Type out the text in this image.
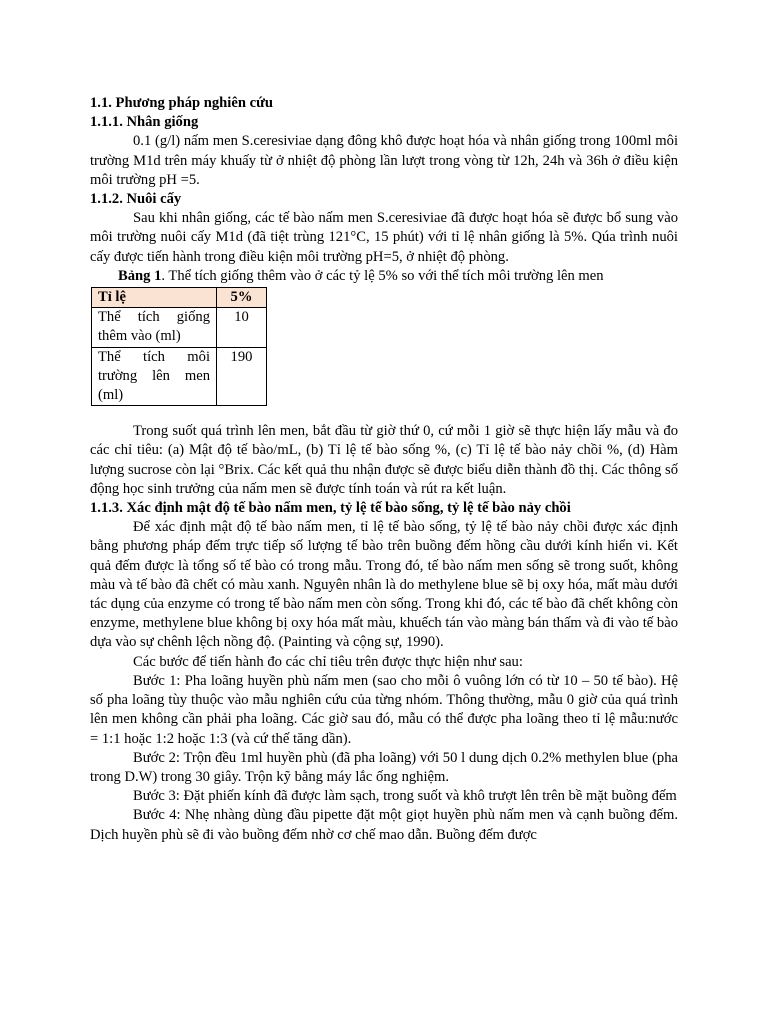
1.1. Phương pháp nghiên cứu

1.1.1. Nhân giống

0.1 (g/l) nấm men S.ceresiviae dạng đông khô được hoạt hóa và nhân giống trong 100ml môi trường M1d trên máy khuấy từ ở nhiệt độ phòng lần lượt trong vòng từ 12h, 24h và 36h ở điều kiện môi trường pH =5.

1.1.2. Nuôi cấy

Sau khi nhân giống, các tế bào nấm men S.ceresiviae đã được hoạt hóa sẽ được bổ sung vào môi trường nuôi cấy M1d (đã tiệt trùng 121°C, 15 phút) với tỉ lệ nhân giống là 5%. Qúa trình nuôi cấy được tiến hành trong điều kiện môi trường pH=5, ở nhiệt độ phòng.

Bảng 1. Thể tích giống thêm vào ở các tỷ lệ 5% so với thể tích môi trường lên men

Tỉ lệ	5%
Thể tích giống thêm vào (ml)	10
Thể tích môi trường lên men (ml)	190

Trong suốt quá trình lên men, bắt đầu từ giờ thứ 0, cứ mỗi 1 giờ sẽ thực hiện lấy mẫu và đo các chỉ tiêu: (a) Mật độ tế bào/mL, (b) Tỉ lệ tế bào sống %, (c) Tỉ lệ tế bào nảy chồi %, (d) Hàm lượng sucrose còn lại °Brix. Các kết quả thu nhận được sẽ được biểu diễn thành đồ thị. Các thông số động học sinh trưởng của nấm men sẽ được tính toán và rút ra kết luận.

1.1.3. Xác định mật độ tế bào nấm men, tỷ lệ tế bào sống, tỷ lệ tế bào nảy chồi

Để xác định mật độ tế bào nấm men, tỉ lệ tế bào sống, tỷ lệ tế bào nảy chồi được xác định bằng phương pháp đếm trực tiếp số lượng tế bào trên buồng đếm hồng cầu dưới kính hiển vi. Kết quả đếm được là tổng số tế bào có trong mẫu. Trong đó, tế bào nấm men sống sẽ trong suốt, không màu và tế bào đã chết có màu xanh. Nguyên nhân là do methylene blue sẽ bị oxy hóa, mất màu dưới tác dụng của enzyme có trong tế bào nấm men còn sống. Trong khi đó, các tế bào đã chết không còn enzyme, methylene blue không bị oxy hóa mất màu, khuếch tán vào màng bán thấm và đi vào tế bào dựa vào sự chênh lệch nồng độ. (Painting và cộng sự, 1990).

Các bước để tiến hành đo các chỉ tiêu trên được thực hiện như sau:

Bước 1: Pha loãng huyền phù nấm men (sao cho mỗi ô vuông lớn có từ 10 – 50 tế bào). Hệ số pha loãng tùy thuộc vào mẫu nghiên cứu của từng nhóm. Thông thường, mẫu 0 giờ của quá trình lên men không cần phải pha loãng. Các giờ sau đó, mẫu có thể được pha loãng theo tỉ lệ mẫu:nước = 1:1 hoặc 1:2 hoặc 1:3 (và cứ thế tăng dần).

Bước 2: Trộn đều 1ml huyền phù (đã pha loãng) với 50 l dung dịch 0.2% methylen blue (pha trong D.W) trong 30 giây. Trộn kỹ bằng máy lắc ống nghiệm.

Bước 3: Đặt phiến kính đã được làm sạch, trong suốt và khô trượt lên trên bề mặt buồng đếm

Bước 4: Nhẹ nhàng dùng đầu pipette đặt một giọt huyền phù nấm men và cạnh buồng đếm. Dịch huyền phù sẽ đi vào buồng đếm nhờ cơ chế mao dẫn. Buồng đếm được
